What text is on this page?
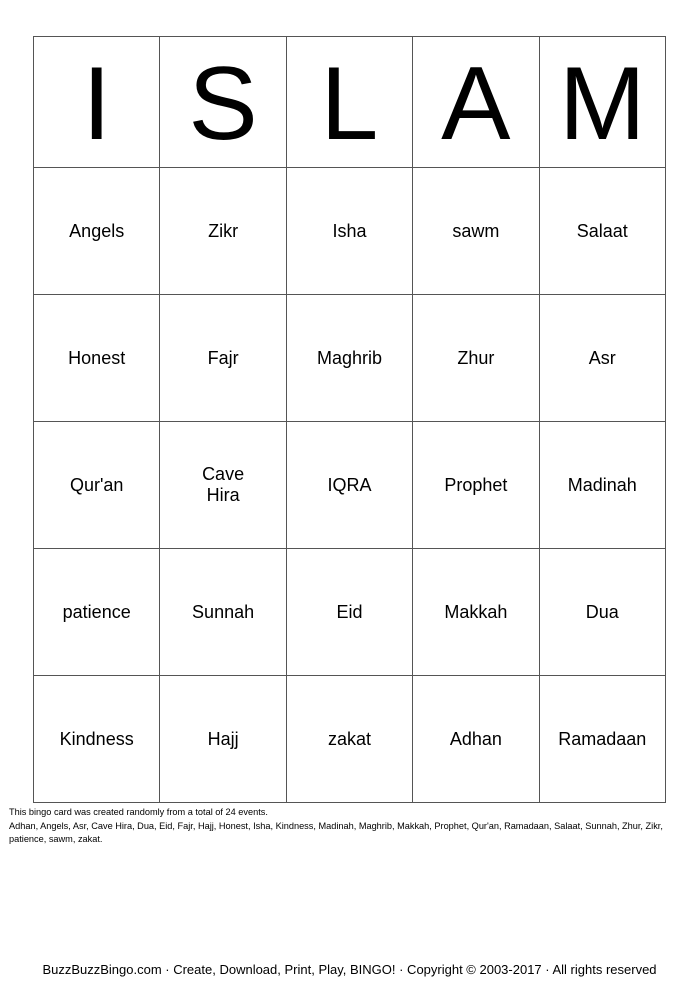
I	S	L	A	M
Angels	Zikr	Isha	sawm	Salaat
Honest	Fajr	Maghrib	Zhur	Asr
Qur'an	Cave Hira	IQRA	Prophet	Madinah
patience	Sunnah	Eid	Makkah	Dua
Kindness	Hajj	zakat	Adhan	Ramadaan
This bingo card was created randomly from a total of 24 events.
Adhan, Angels, Asr, Cave Hira, Dua, Eid, Fajr, Hajj, Honest, Isha, Kindness, Madinah, Maghrib, Makkah, Prophet, Qur'an, Ramadaan, Salaat, Sunnah, Zhur, Zikr, patience, sawm, zakat.
BuzzBuzzBingo.com · Create, Download, Print, Play, BINGO! · Copyright © 2003-2017 · All rights reserved
